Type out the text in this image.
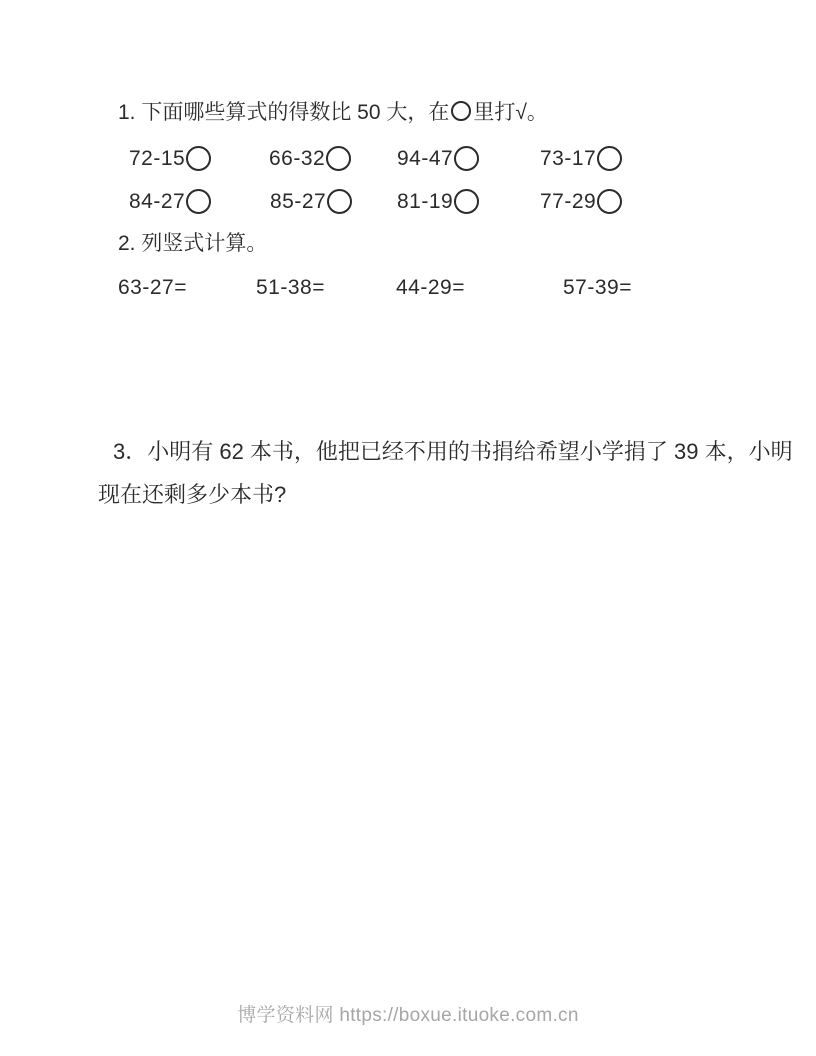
1. 下面哪些算式的得数比 50 大，在 里打√。
72-15	66-32	94-47	73-17
84-27	85-27	81-19	77-29
2. 列竖式计算。
63-27=	51-38=	44-29=	57-39=
3．小明有 62 本书，他把已经不用的书捐给希望小学捐了 39 本，小明
现在还剩多少本书?
博学资料网 https://boxue.ituoke.com.cn
